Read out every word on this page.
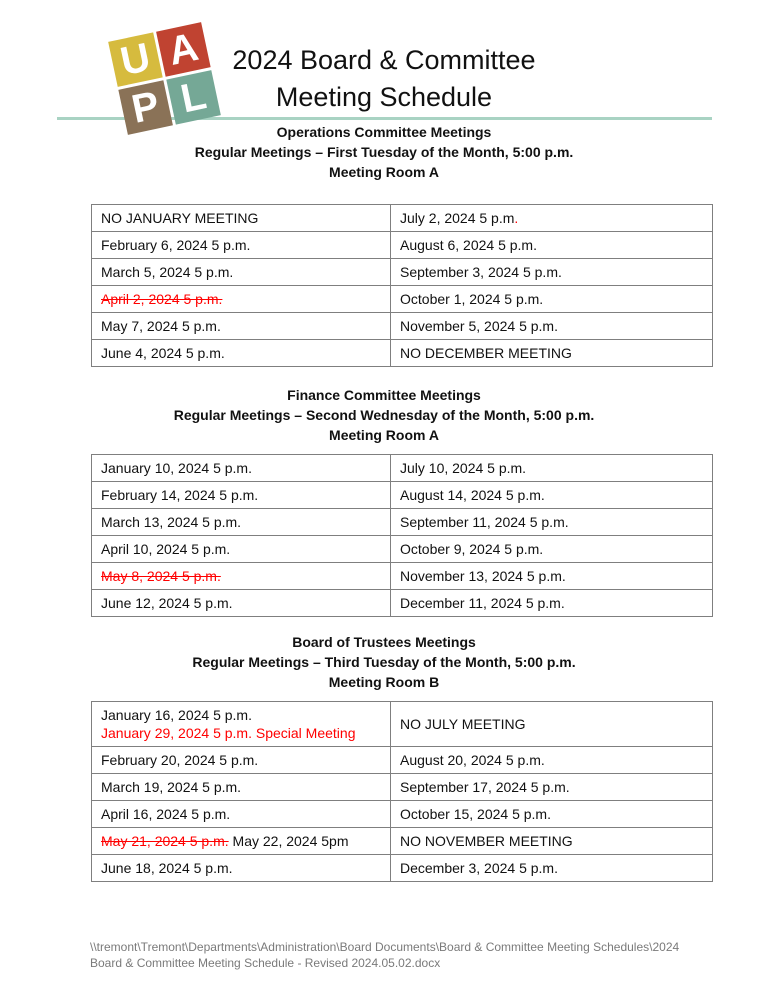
U A
P L
2024 Board & Committee
Meeting Schedule
Operations Committee Meetings
Regular Meetings – First Tuesday of the Month, 5:00 p.m.
Meeting Room A
NO JANUARY MEETING	July 2, 2024 5 p.m.
February 6, 2024 5 p.m.	August 6, 2024 5 p.m.
March 5, 2024 5 p.m.	September 3, 2024 5 p.m.
April 2, 2024 5 p.m.	October 1, 2024 5 p.m.
May 7, 2024 5 p.m.	November 5, 2024 5 p.m.
June 4, 2024 5 p.m.	NO DECEMBER MEETING
Finance Committee Meetings
Regular Meetings – Second Wednesday of the Month, 5:00 p.m.
Meeting Room A
January 10, 2024 5 p.m.	July 10, 2024 5 p.m.
February 14, 2024 5 p.m.	August 14, 2024 5 p.m.
March 13, 2024 5 p.m.	September 11, 2024 5 p.m.
April 10, 2024 5 p.m.	October 9, 2024 5 p.m.
May 8, 2024 5 p.m.	November 13, 2024 5 p.m.
June 12, 2024 5 p.m.	December 11, 2024 5 p.m.
Board of Trustees Meetings
Regular Meetings – Third Tuesday of the Month, 5:00 p.m.
Meeting Room B
January 16, 2024 5 p.m.
January 29, 2024 5 p.m. Special Meeting	NO JULY MEETING
February 20, 2024 5 p.m.	August 20, 2024 5 p.m.
March 19, 2024 5 p.m.	September 17, 2024 5 p.m.
April 16, 2024 5 p.m.	October 15, 2024 5 p.m.
May 21, 2024 5 p.m. May 22, 2024 5pm	NO NOVEMBER MEETING
June 18, 2024 5 p.m.	December 3, 2024 5 p.m.
\\tremont\Tremont\Departments\Administration\Board Documents\Board & Committee Meeting Schedules\2024
Board & Committee Meeting Schedule - Revised 2024.05.02.docx
